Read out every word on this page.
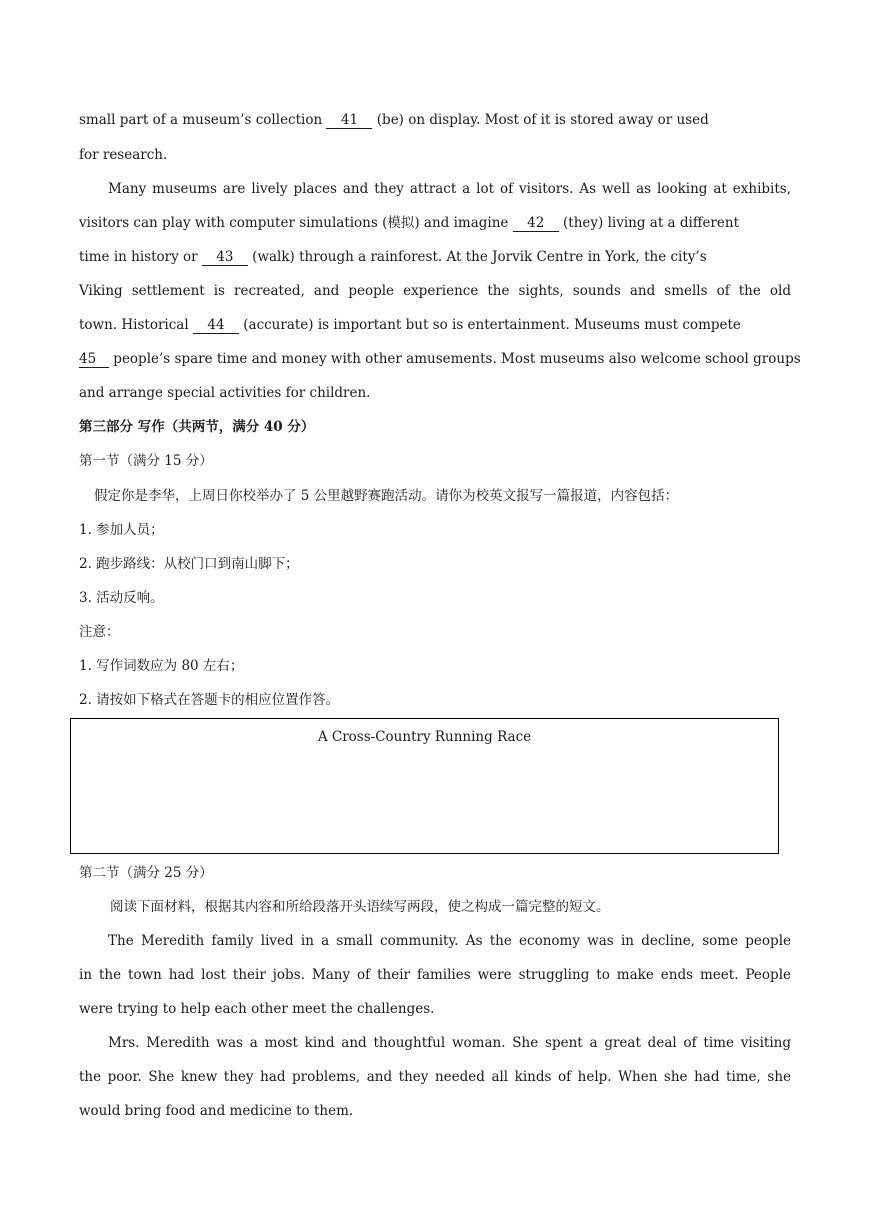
small part of a museum’s collection 41 (be) on display. Most of it is stored away or used
for research.
Many museums are lively places and they attract a lot of visitors. As well as looking at exhibits,
visitors can play with computer simulations (模拟) and imagine 42 (they) living at a different
time in history or 43 (walk) through a rainforest. At the Jorvik Centre in York, the city’s
Viking settlement is recreated, and people experience the sights, sounds and smells of the old
town. Historical 44 (accurate) is important but so is entertainment. Museums must compete
45 people’s spare time and money with other amusements. Most museums also welcome school groups
and arrange special activities for children.
第三部分 写作（共两节，满分 40 分）
第一节（满分 15 分）
假定你是李华，上周日你校举办了 5 公里越野赛跑活动。请你为校英文报写一篇报道，内容包括：
1. 参加人员；
2. 跑步路线：从校门口到南山脚下；
3. 活动反响。
注意：
1. 写作词数应为 80 左右；
2. 请按如下格式在答题卡的相应位置作答。
A Cross-Country Running Race
第二节（满分 25 分）
阅读下面材料，根据其内容和所给段落开头语续写两段，使之构成一篇完整的短文。
The Meredith family lived in a small community. As the economy was in decline, some people
in the town had lost their jobs. Many of their families were struggling to make ends meet. People
were trying to help each other meet the challenges.
Mrs. Meredith was a most kind and thoughtful woman. She spent a great deal of time visiting
the poor. She knew they had problems, and they needed all kinds of help. When she had time, she
would bring food and medicine to them.
